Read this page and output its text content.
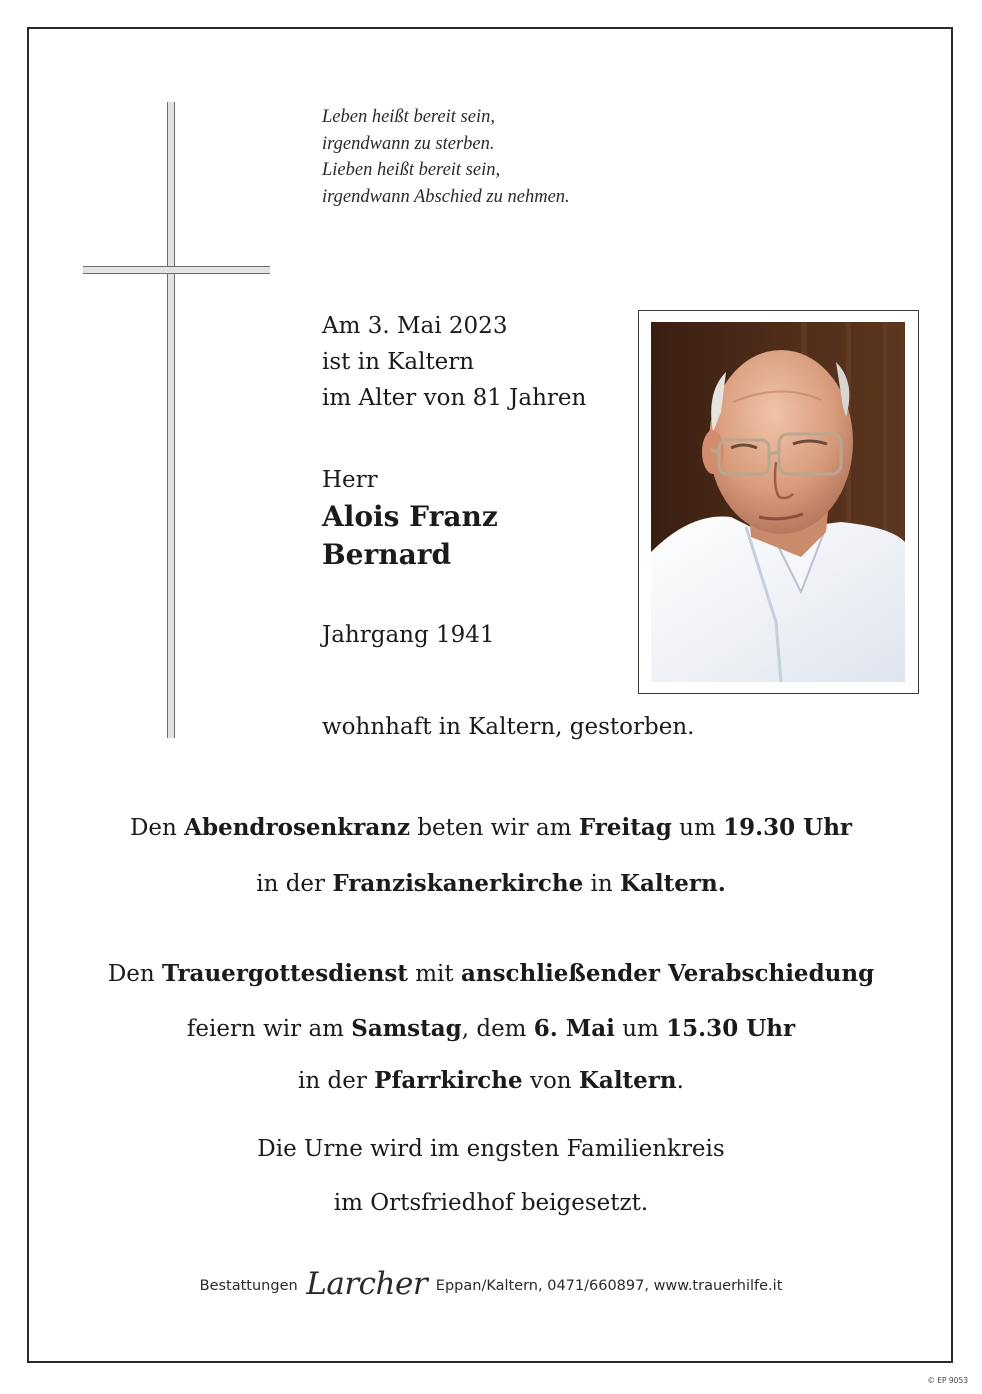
Leben heißt bereit sein,
irgendwann zu sterben.
Lieben heißt bereit sein,
irgendwann Abschied zu nehmen.
Am 3. Mai 2023
ist in Kaltern
im Alter von 81 Jahren
Herr
Alois Franz
Bernard
Jahrgang 1941
wohnhaft in Kaltern, gestorben.
Den Abendrosenkranz beten wir am Freitag um 19.30 Uhr
in der Franziskanerkirche in Kaltern.
Den Trauergottesdienst mit anschließender Verabschiedung
feiern wir am Samstag, dem 6. Mai um 15.30 Uhr
in der Pfarrkirche von Kaltern.
Die Urne wird im engsten Familienkreis
im Ortsfriedhof beigesetzt.
Bestattungen Larcher Eppan/Kaltern, 0471/660897, www.trauerhilfe.it
© EP 9053
